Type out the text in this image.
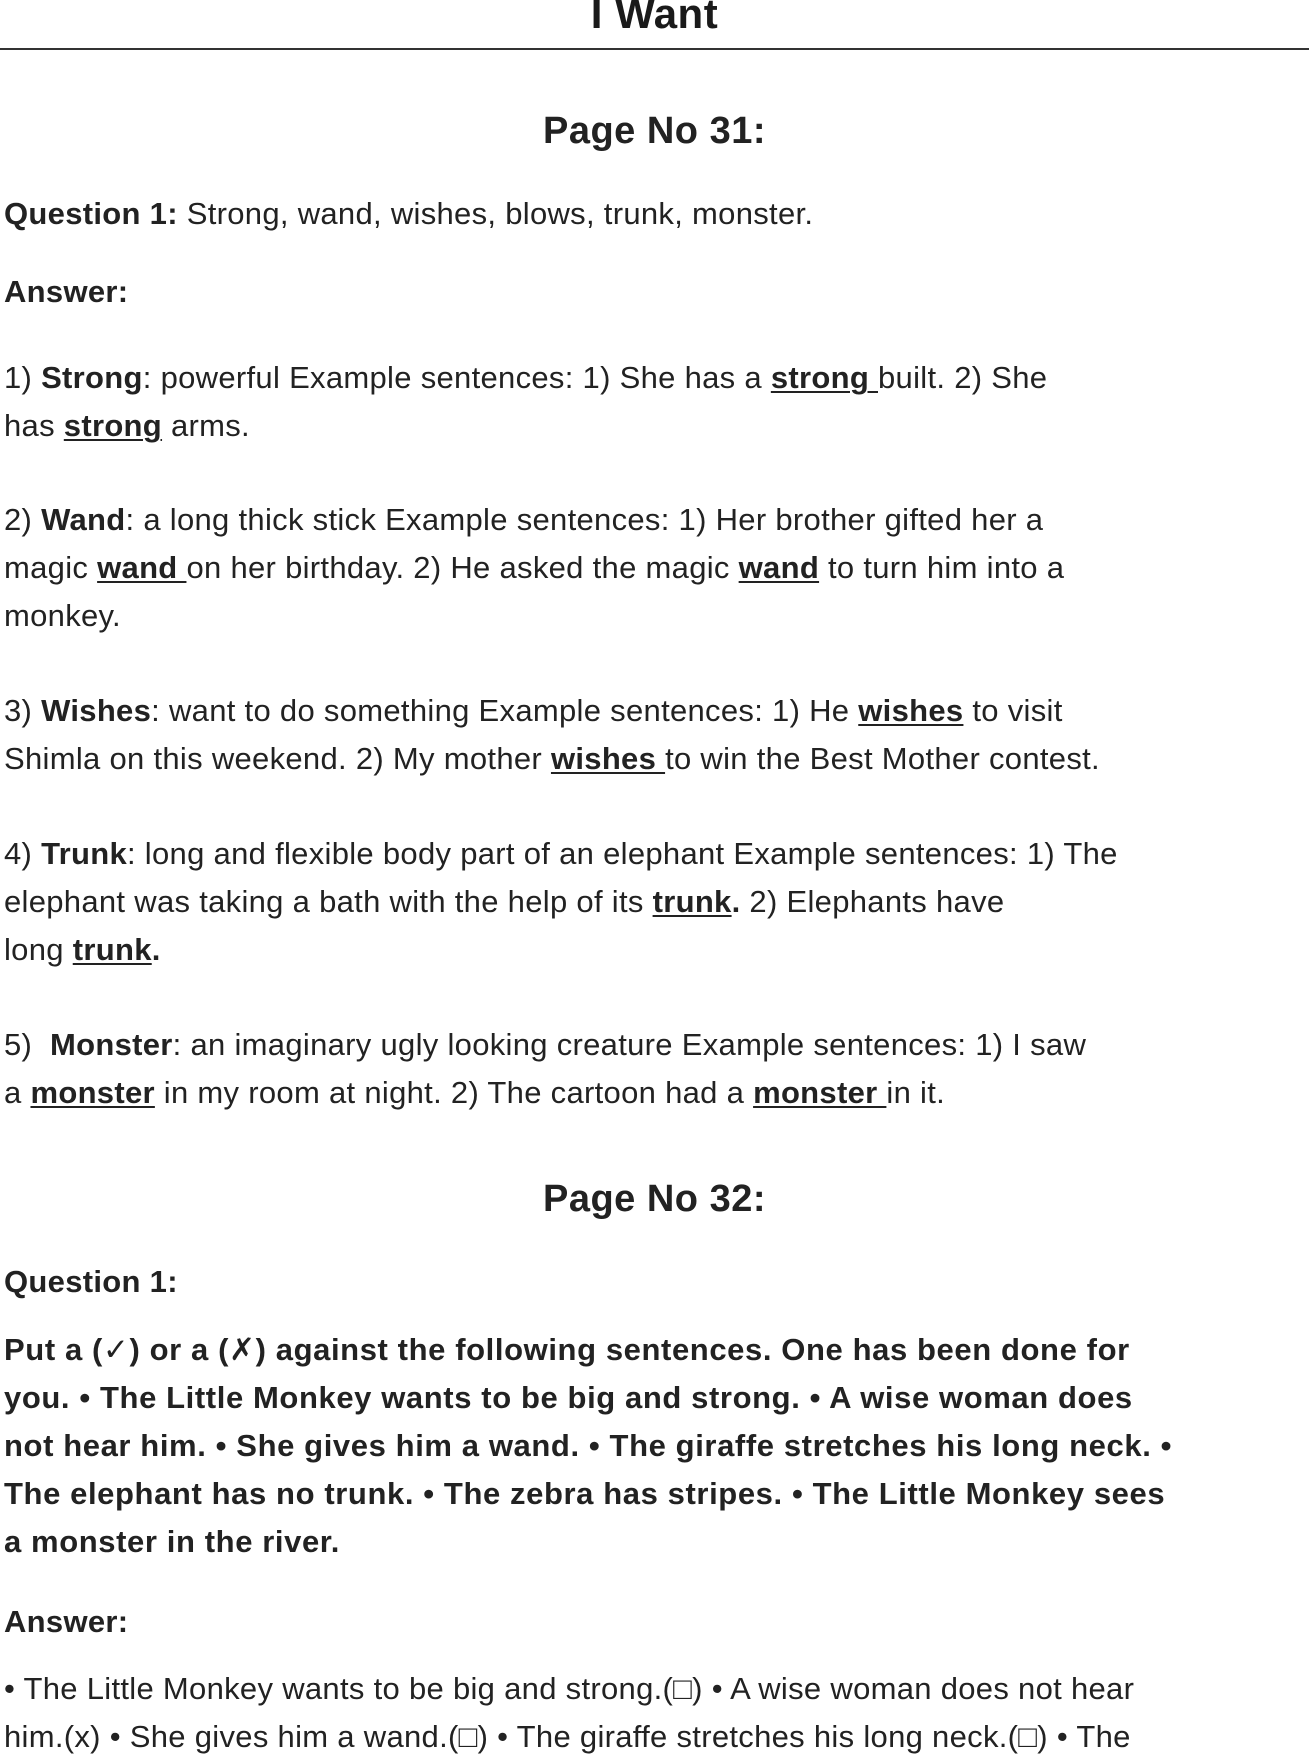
I Want
Page No 31:
Question 1: Strong, wand, wishes, blows, trunk, monster.
Answer:
1) Strong: powerful Example sentences: 1) She has a strong built. 2) She
has strong arms.
2) Wand: a long thick stick Example sentences: 1) Her brother gifted her a
magic wand on her birthday. 2) He asked the magic wand to turn him into a
monkey.
3) Wishes: want to do something Example sentences: 1) He wishes to visit
Shimla on this weekend. 2) My mother wishes to win the Best Mother contest.
4) Trunk: long and flexible body part of an elephant Example sentences: 1) The
elephant was taking a bath with the help of its trunk. 2) Elephants have
long trunk.
5)  Monster: an imaginary ugly looking creature Example sentences: 1) I saw
a monster in my room at night. 2) The cartoon had a monster in it.
Page No 32:
Question 1:
Put a (✓) or a (✗) against the following sentences. One has been done for
you. • The Little Monkey wants to be big and strong. • A wise woman does
not hear him. • She gives him a wand. • The giraffe stretches his long neck. •
The elephant has no trunk. • The zebra has stripes. • The Little Monkey sees
a monster in the river.
Answer:
• The Little Monkey wants to be big and strong.(□) • A wise woman does not hear
him.(x) • She gives him a wand.(□) • The giraffe stretches his long neck.(□) • The
